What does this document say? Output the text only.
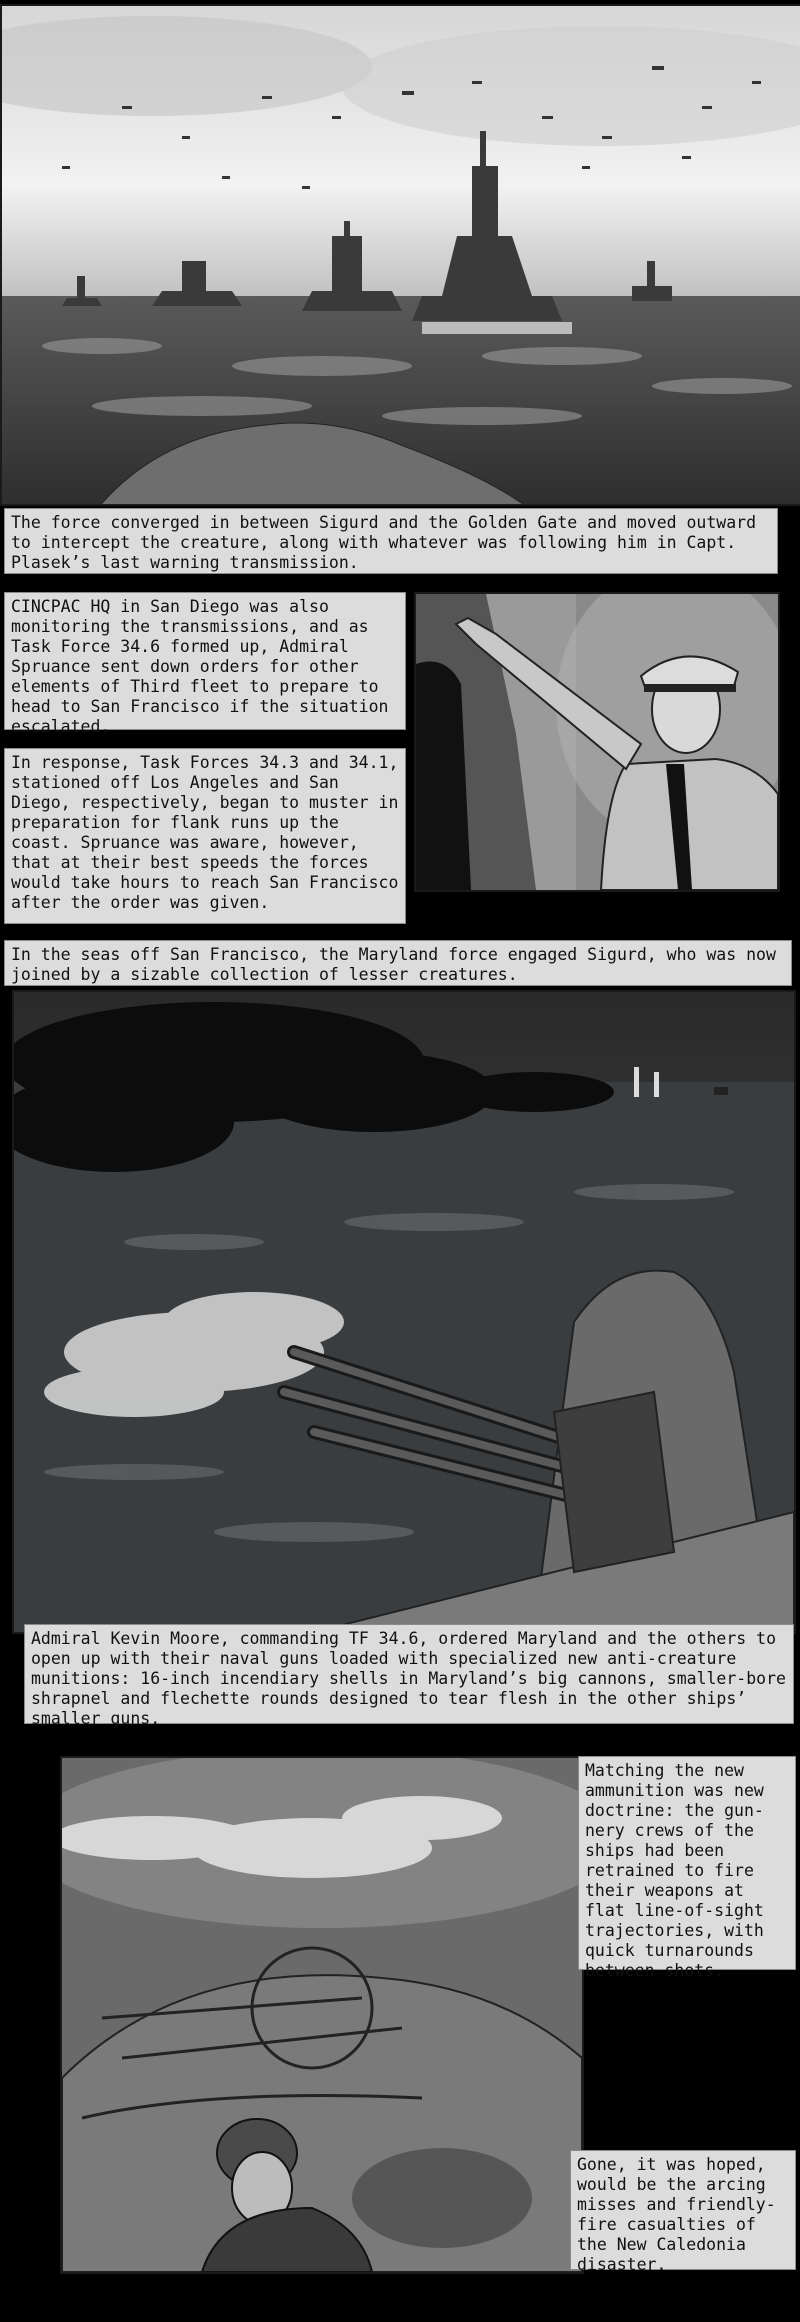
The force converged in between Sigurd and the Golden Gate and moved outward to intercept the creature, along with whatever was following him in Capt. Plasek’s last warning transmission.
CINCPAC HQ in San Diego was also monitoring the transmissions, and as Task Force 34.6 formed up, Admiral Spruance sent down orders for other elements of Third fleet to prepare to head to San Francisco if the situation escalated.
In response, Task Forces 34.3 and 34.1, stationed off Los Angeles and San Diego, respectively, began to muster in preparation for flank runs up the coast. Spruance was aware, however, that at their best speeds the forces would take hours to reach San Francisco after the order was given.
In the seas off San Francisco, the Maryland force engaged Sigurd, who was now joined by a sizable collection of lesser creatures.
Admiral Kevin Moore, commanding TF 34.6, ordered Maryland and the others to open up with their naval guns loaded with specialized new anti-creature munitions: 16-inch incendiary shells in Maryland’s big cannons, smaller-bore shrapnel and flechette rounds designed to tear flesh in the other ships’ smaller guns.
Matching the new ammunition was new doctrine: the gun-nery crews of the ships had been retrained to fire their weapons at flat line-of-sight trajectories, with quick turnarounds between shots.
Gone, it was hoped, would be the arcing misses and friendly-fire casualties of the New Caledonia disaster.
